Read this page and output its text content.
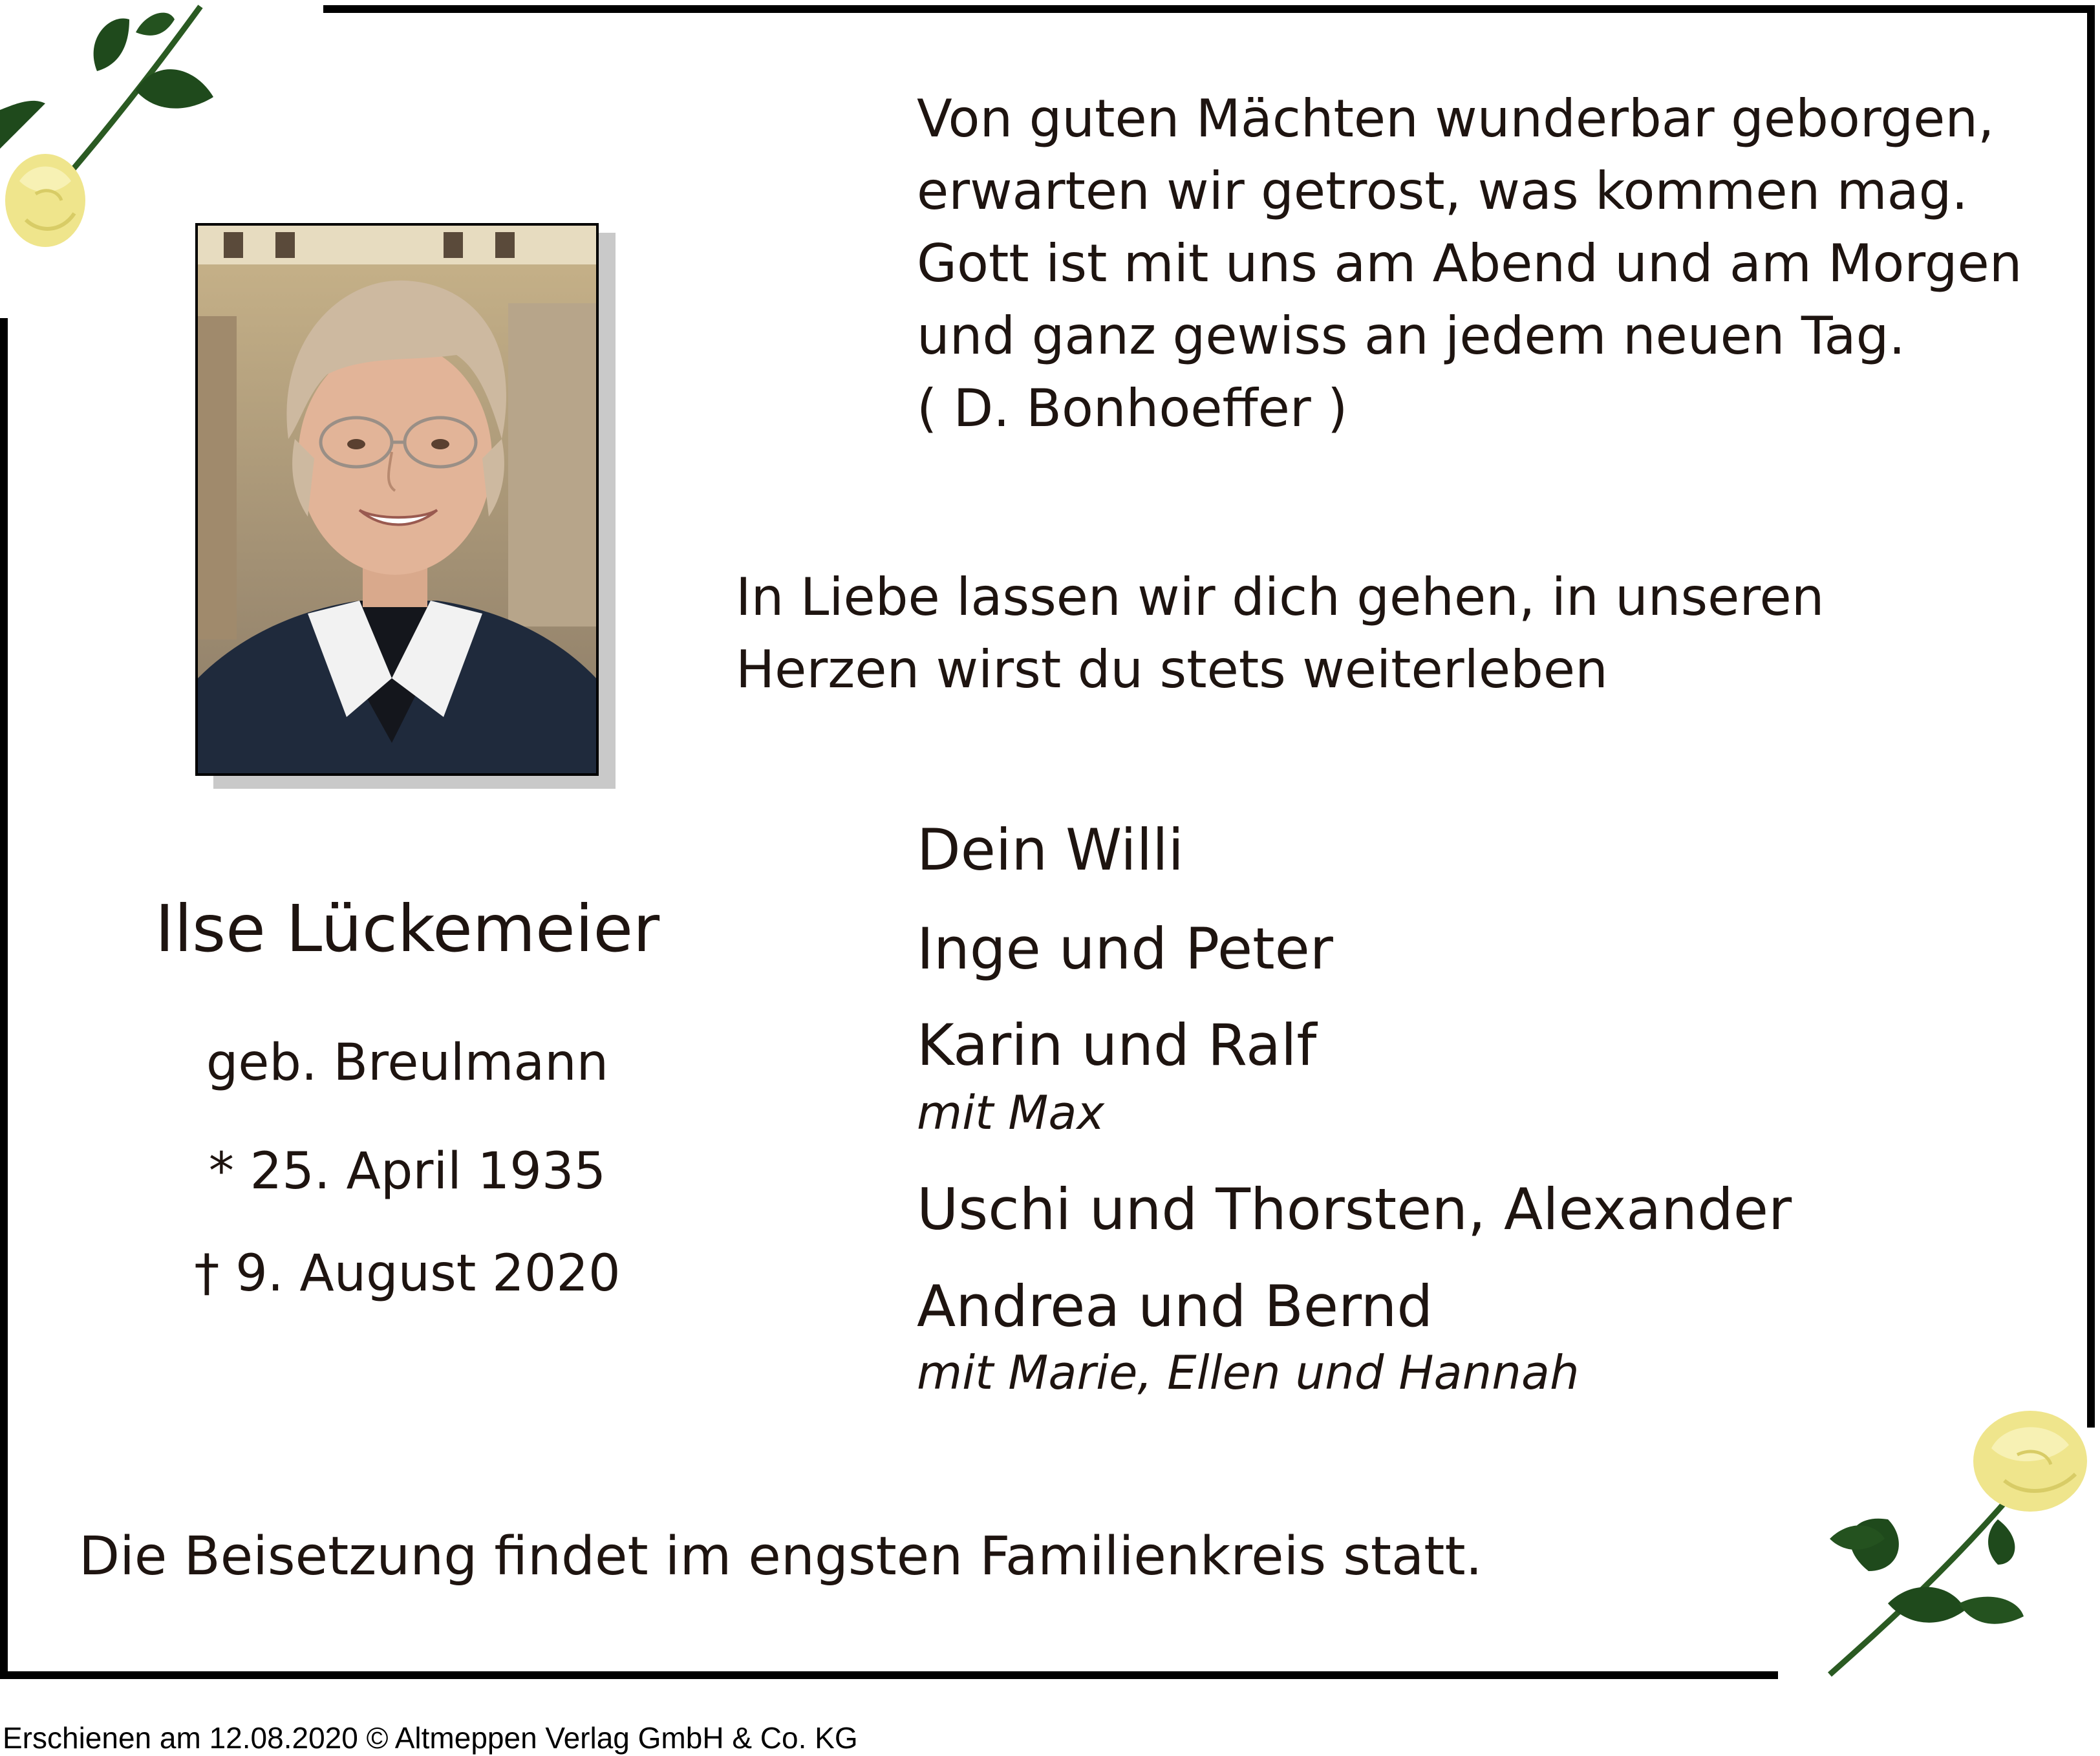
Von guten Mächten wunderbar geborgen,

erwarten wir getrost, was kommen mag.

Gott ist mit uns am Abend und am Morgen

und ganz gewiss an jedem neuen Tag.

( D. Bonhoeffer )

In Liebe lassen wir dich gehen, in unseren

Herzen wirst du stets weiterleben

Ilse Lückemeier

geb. Breulmann

* 25. April 1935

† 9. August 2020

Dein Willi

Inge und Peter

Karin und Ralf

mit Max

Uschi und Thorsten, Alexander

Andrea und Bernd

mit Marie, Ellen und Hannah

Die Beisetzung findet im engsten Familienkreis statt.

Erschienen am 12.08.2020 © Altmeppen Verlag GmbH & Co. KG
